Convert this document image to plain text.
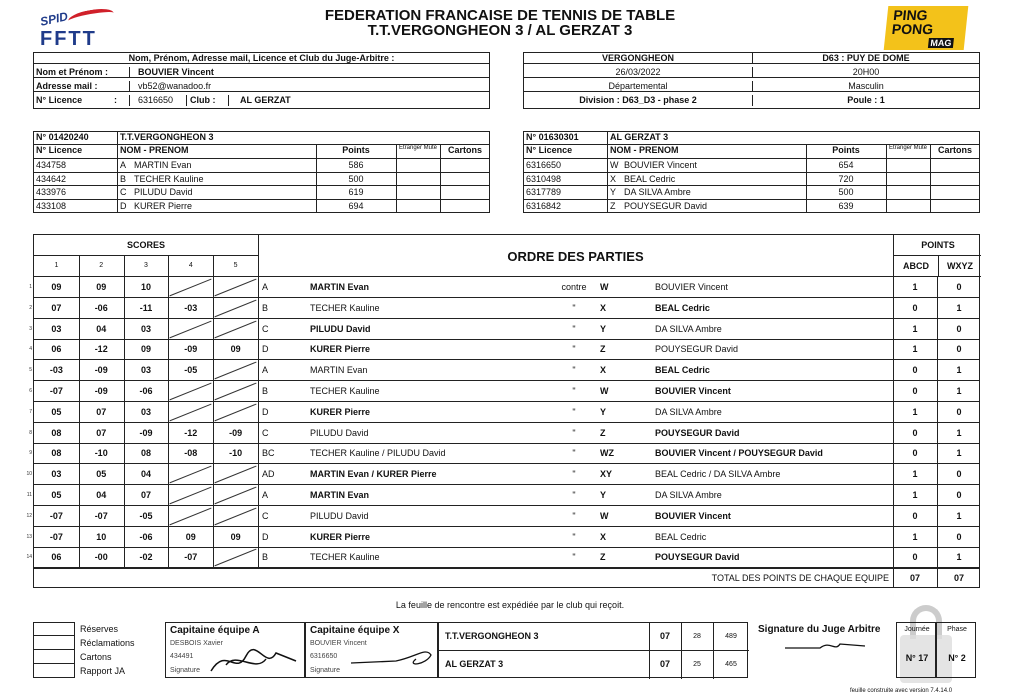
SPID
FFTT
PING
PONG
MAG
FEDERATION FRANCAISE DE TENNIS DE TABLE
T.T.VERGONGHEON 3 / AL GERZAT 3
Nom, Prénom, Adresse mail, Licence et Club du Juge-Arbitre :
Nom et Prénom :	BOUVIER Vincent
Adresse mail :	vb52@wanadoo.fr
N° Licence	:	6316650	Club :	AL GERZAT
VERGONGHEON	D63 : PUY DE DOME
26/03/2022	20H00
Départemental	Masculin
Division : D63_D3 - phase 2	Poule : 1
N° 01420240	T.T.VERGONGHEON 3
N° Licence	NOM - PRENOM	Points	Etranger Muté	Cartons
434758	A MARTIN Evan	586
434642	B TECHER Kauline	500
433976	C PILUDU David	619
433108	D KURER Pierre	694
N° 01630301	AL GERZAT 3
N° Licence	NOM - PRENOM	Points	Etranger Muté	Cartons
6316650	W BOUVIER Vincent	654
6310498	X BEAL Cedric	720
6317789	Y DA SILVA Ambre	500
6316842	Z POUYSEGUR David	639
SCORES
1	2	3	4	5
ORDRE DES PARTIES
POINTS
ABCD	WXYZ
1	09	09	10	A	MARTIN Evan	contre	W	BOUVIER Vincent	1	0
2	07	-06	-11	-03	B	TECHER Kauline	"	X	BEAL Cedric	0	1
3	03	04	03	C	PILUDU David	"	Y	DA SILVA Ambre	1	0
4	06	-12	09	-09	09	D	KURER Pierre	"	Z	POUYSEGUR David	1	0
5	-03	-09	03	-05	A	MARTIN Evan	"	X	BEAL Cedric	0	1
6	-07	-09	-06	B	TECHER Kauline	"	W	BOUVIER Vincent	0	1
7	05	07	03	D	KURER Pierre	"	Y	DA SILVA Ambre	1	0
8	08	07	-09	-12	-09	C	PILUDU David	"	Z	POUYSEGUR David	0	1
9	08	-10	08	-08	-10	BC	TECHER Kauline / PILUDU David	"	WZ	BOUVIER Vincent / POUYSEGUR David	0	1
10	03	05	04	AD	MARTIN Evan / KURER Pierre	"	XY	BEAL Cedric / DA SILVA Ambre	1	0
11	05	04	07	A	MARTIN Evan	"	Y	DA SILVA Ambre	1	0
12	-07	-07	-05	C	PILUDU David	"	W	BOUVIER Vincent	0	1
13	-07	10	-06	09	09	D	KURER Pierre	"	X	BEAL Cedric	1	0
14	06	-00	-02	-07	B	TECHER Kauline	"	Z	POUYSEGUR David	0	1
TOTAL DES POINTS DE CHAQUE EQUIPE	07	07
La feuille de rencontre est expédiée par le club qui reçoit.
Réserves
Réclamations
Cartons
Rapport JA
Capitaine équipe A
DESBOIS Xavier
434491
Signature
Capitaine équipe X
BOUVIER Vincent
6316650
Signature
T.T.VERGONGHEON 3	07	28	489
AL GERZAT 3	07	25	465
Signature du Juge Arbitre	Journée
N° 17
Phase
N° 2
feuille construite avec version 7.4.14.0
